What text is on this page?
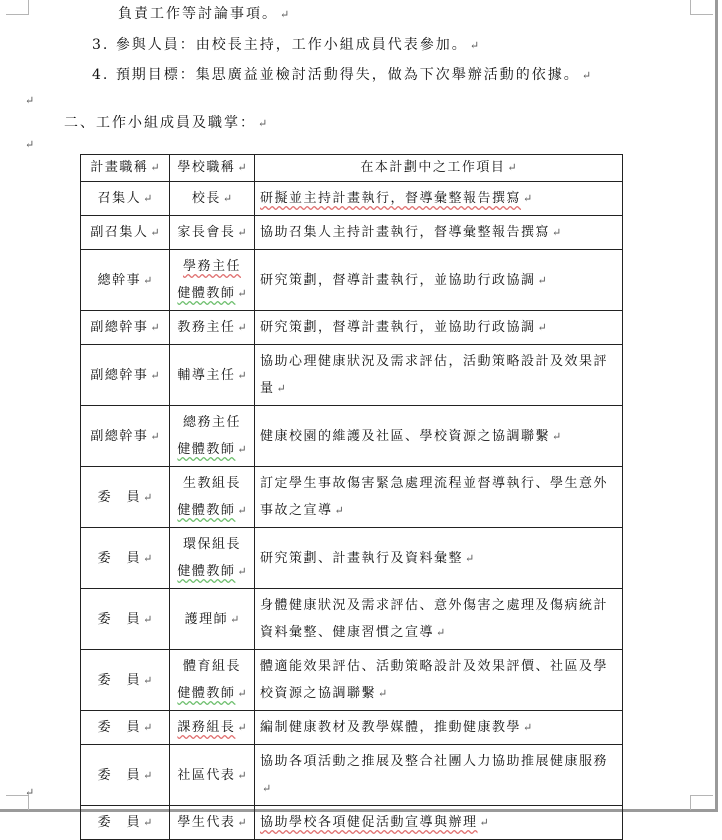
負責工作等討論事項。 ↵
3. 參與人員：由校長主持，工作小組成員代表參加。 ↵
4. 預期目標：集思廣益並檢討活動得失，做為下次舉辦活動的依據。 ↵
↵
二、工作小組成員及職掌： ↵
↵
計畫職稱 ↵	學校職稱 ↵	在本計劃中之工作項目 ↵
召集人 ↵	校長 ↵	研擬並主持計畫執行，督導彙整報告撰寫 ↵
副召集人 ↵	家長會長 ↵	協助召集人主持計畫執行，督導彙整報告撰寫 ↵
總幹事 ↵	學務主任
健體教師 ↵	研究策劃，督導計畫執行，並協助行政協調 ↵
副總幹事 ↵	教務主任 ↵	研究策劃，督導計畫執行，並協助行政協調 ↵
副總幹事 ↵	輔導主任 ↵	協助心理健康狀況及需求評估，活動策略設計及效果評量 ↵
副總幹事 ↵	總務主任
健體教師 ↵	健康校園的維護及社區、學校資源之協調聯繫 ↵
委　員 ↵	生教組長
健體教師 ↵	訂定學生事故傷害緊急處理流程並督導執行、學生意外事故之宣導 ↵
委　員 ↵	環保組長
健體教師 ↵	研究策劃、計畫執行及資料彙整 ↵
委　員 ↵	護理師 ↵	身體健康狀況及需求評估、意外傷害之處理及傷病統計資料彙整、健康習慣之宣導 ↵
委　員 ↵	體育組長
健體教師 ↵	體適能效果評估、活動策略設計及效果評價、社區及學校資源之協調聯繫 ↵
委　員 ↵	課務組長 ↵	編制健康教材及教學媒體，推動健康教學 ↵
委　員 ↵	社區代表 ↵	協助各項活動之推展及整合社團人力協助推展健康服務↵
委　員 ↵	學生代表 ↵	協助學校各項健促活動宣導與辦理 ↵
↵
